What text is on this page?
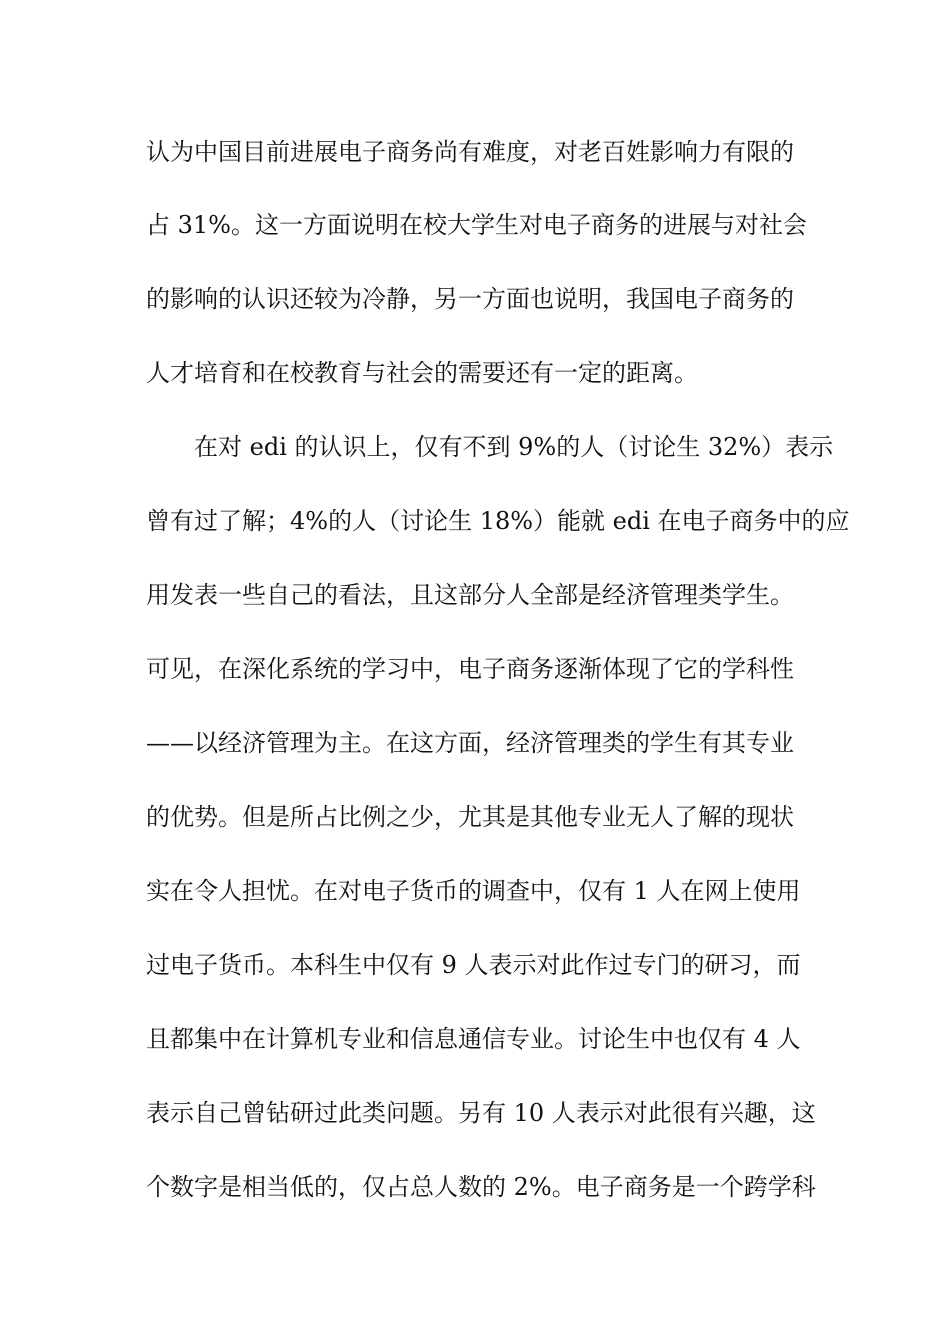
认为中国目前进展电子商务尚有难度，对老百姓影响力有限的
占 31%。这一方面说明在校大学生对电子商务的进展与对社会
的影响的认识还较为冷静，另一方面也说明，我国电子商务的
人才培育和在校教育与社会的需要还有一定的距离。
在对 edi 的认识上，仅有不到 9%的人（讨论生 32%）表示
曾有过了解；4%的人（讨论生 18%）能就 edi 在电子商务中的应
用发表一些自己的看法，且这部分人全部是经济管理类学生。
可见，在深化系统的学习中，电子商务逐渐体现了它的学科性
——以经济管理为主。在这方面，经济管理类的学生有其专业
的优势。但是所占比例之少，尤其是其他专业无人了解的现状
实在令人担忧。在对电子货币的调查中，仅有 1 人在网上使用
过电子货币。本科生中仅有 9 人表示对此作过专门的研习，而
且都集中在计算机专业和信息通信专业。讨论生中也仅有 4 人
表示自己曾钻研过此类问题。另有 10 人表示对此很有兴趣，这
个数字是相当低的，仅占总人数的 2%。电子商务是一个跨学科
